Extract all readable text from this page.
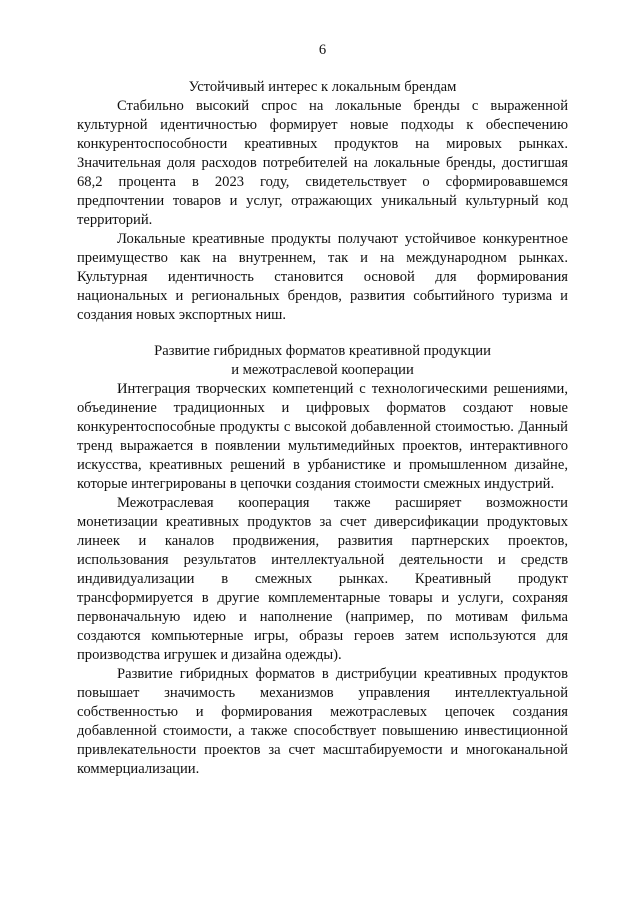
6
Устойчивый интерес к локальным брендам

Стабильно высокий спрос на локальные бренды с выраженной культурной идентичностью формирует новые подходы к обеспечению конкурентоспособности креативных продуктов на мировых рынках. Значительная доля расходов потребителей на локальные бренды, достигшая 68,2 процента в 2023 году, свидетельствует о сформировавшемся предпочтении товаров и услуг, отражающих уникальный культурный код территорий.

Локальные креативные продукты получают устойчивое конкурентное преимущество как на внутреннем, так и на международном рынках. Культурная идентичность становится основой для формирования национальных и региональных брендов, развития событийного туризма и создания новых экспортных ниш.

Развитие гибридных форматов креативной продукции
и межотраслевой кооперации

Интеграция творческих компетенций с технологическими решениями, объединение традиционных и цифровых форматов создают новые конкурентоспособные продукты с высокой добавленной стоимостью. Данный тренд выражается в появлении мультимедийных проектов, интерактивного искусства, креативных решений в урбанистике и промышленном дизайне, которые интегрированы в цепочки создания стоимости смежных индустрий.

Межотраслевая кооперация также расширяет возможности монетизации креативных продуктов за счет диверсификации продуктовых линеек и каналов продвижения, развития партнерских проектов, использования результатов интеллектуальной деятельности и средств индивидуализации в смежных рынках. Креативный продукт трансформируется в другие комплементарные товары и услуги, сохраняя первоначальную идею и наполнение (например, по мотивам фильма создаются компьютерные игры, образы героев затем используются для производства игрушек и дизайна одежды).

Развитие гибридных форматов в дистрибуции креативных продуктов повышает значимость механизмов управления интеллектуальной собственностью и формирования межотраслевых цепочек создания добавленной стоимости, а также способствует повышению инвестиционной привлекательности проектов за счет масштабируемости и многоканальной коммерциализации.
